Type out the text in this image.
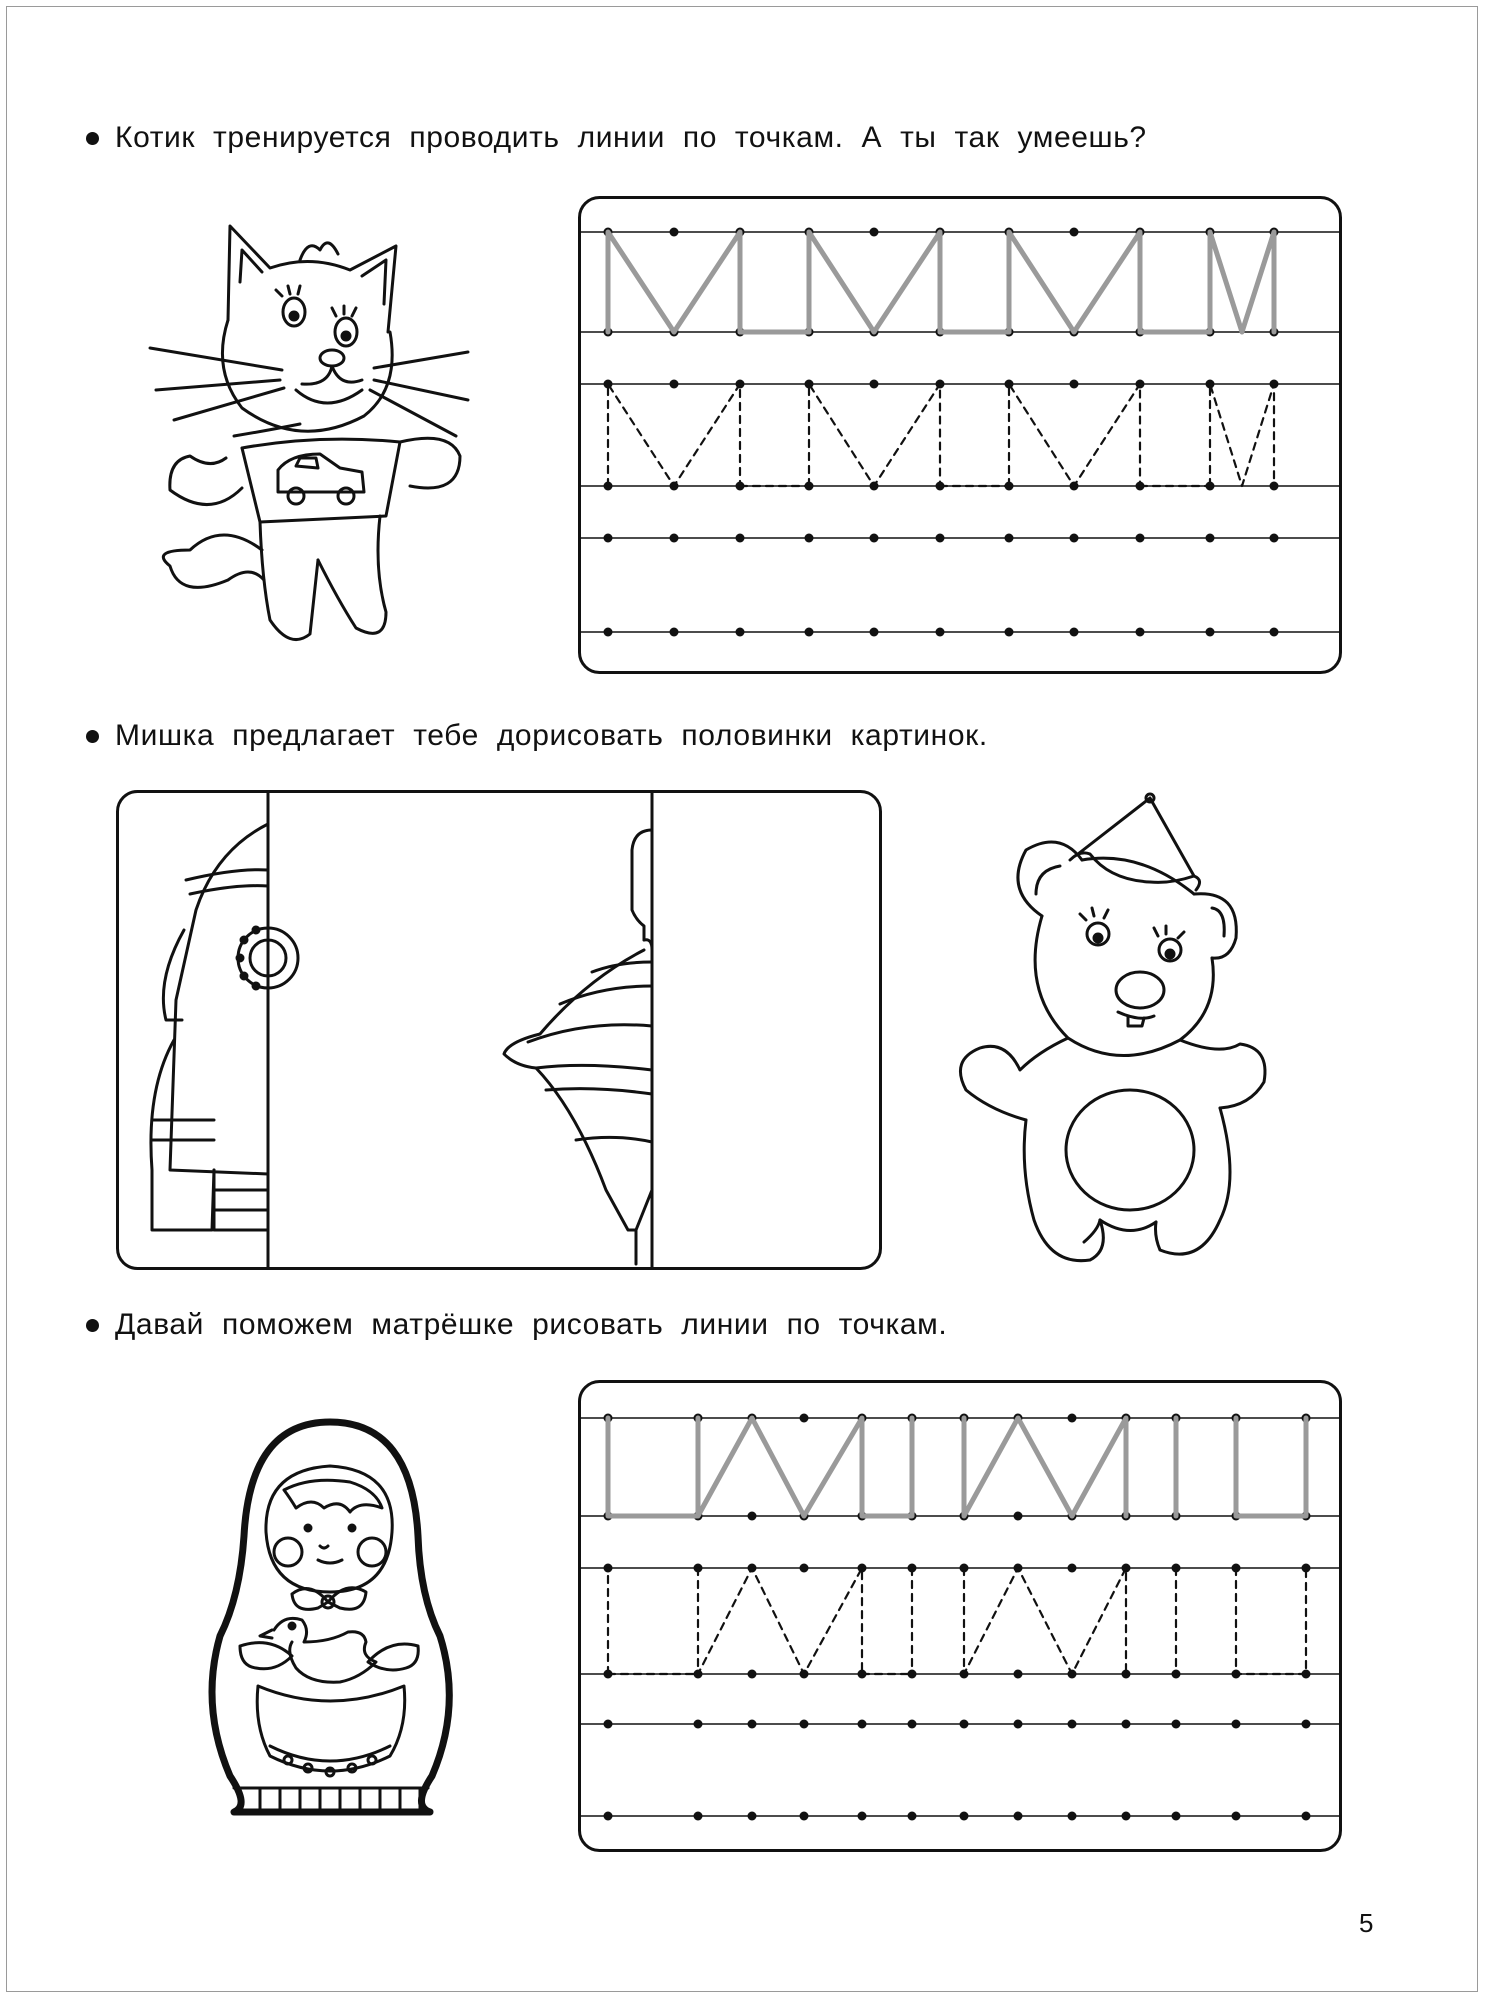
Котик тренируется проводить линии по точкам. А ты так умеешь?
Мишка предлагает тебе дорисовать половинки картинок.
Давай поможем матрёшке рисовать линии по точкам.
5
